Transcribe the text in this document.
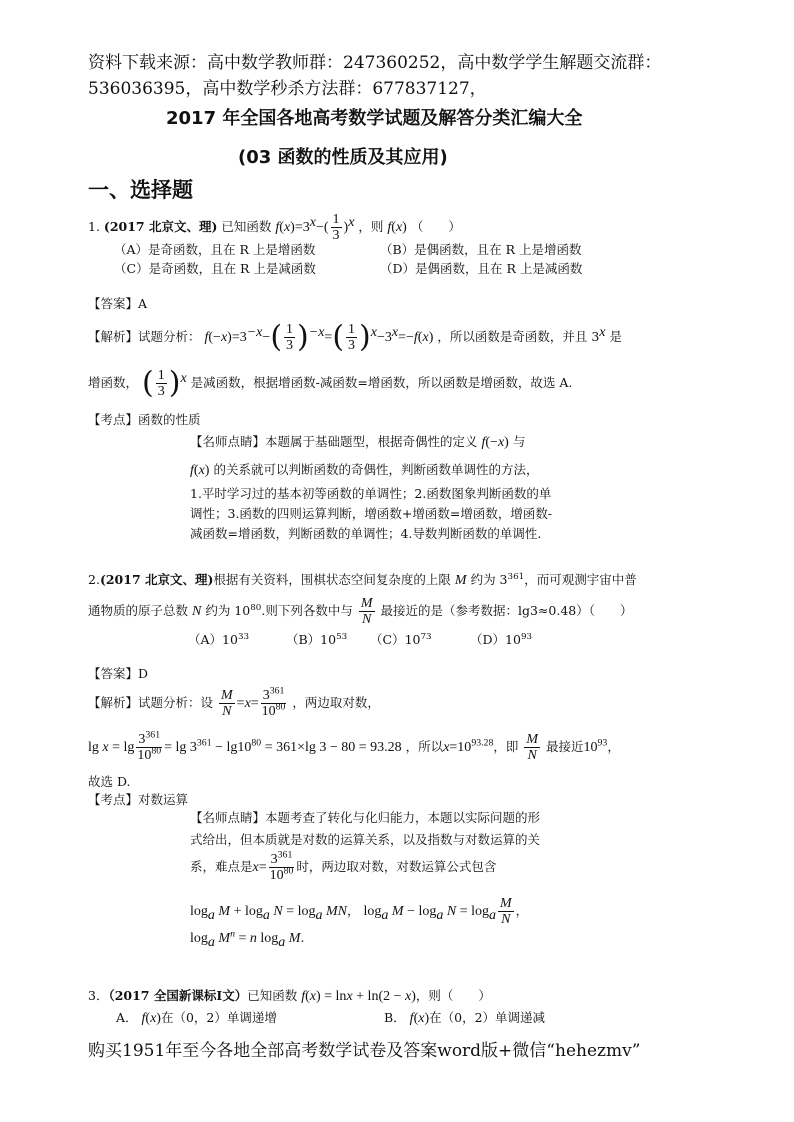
资料下载来源：高中数学教师群：247360252，高中数学学生解题交流群：
536036395，高中数学秒杀方法群：677837127，
2017 年全国各地高考数学试题及解答分类汇编大全
(03 函数的性质及其应用)
一、选择题
1. (2017 北京文、理) 已知函数 $f(x)=3^x-( \frac{1}{3} )^x$ ，则 f(x) （　　）
（A）是奇函数，且在 R 上是增函数	（B）是偶函数，且在 R 上是增函数
（C）是奇函数，且在 R 上是减函数	（D）是偶函数，且在 R 上是减函数
【答案】A
【解析】试题分析： $f(-x)=3^{-x}-( \frac{1}{3} )^{-x}=( \frac{1}{3} )^x-3^x=-f(x)$ ，所以函数是奇函数，并且 3$^x$ 是
增函数， ( $\frac{1}{3} )^x$ 是减函数，根据增函数-减函数=增函数，所以函数是增函数，故选 A.
【考点】函数的性质
【名师点睛】本题属于基础题型，根据奇偶性的定义 f(−x) 与
f(x) 的关系就可以判断函数的奇偶性，判断函数单调性的方法，
1.平时学习过的基本初等函数的单调性；2.函数图象判断函数的单
调性；3.函数的四则运算判断，增函数+增函数=增函数，增函数-
减函数=增函数，判断函数的单调性；4.导数判断函数的单调性.
2.(2017 北京文、理)根据有关资料，围棋状态空间复杂度的上限 M 约为 $3^{361}$，而可观测宇宙中普
通物质的原子总数 N 约为 $10^{80}$.则下列各数中与 $\frac{M}{N}$ 最接近的是（参考数据：lg3≈0.48）（　　）
$(A)10^{33}$	$(B)10^{53}$ $(C)10^{73}$	$(D)10^{93}$
【答案】D
【解析】试题分析：设 $\frac{M}{N} =x= \frac{3^{361}}{10^{80}}$ ，两边取对数，
$\lg x = \lg \frac{3^{361}}{10^{80}} = \lg 3^{361} - \lg 10^{80} = 361\times\lg$ 3 − 80 = 93.28 ，所以$x=10^{93.28}$，即 $\frac{M}{N}$ 最接近$10^{93}$，
故选 D.
【考点】对数运算
【名师点睛】本题考查了转化与化归能力，本题以实际问题的形
式给出，但本质就是对数的运算关系，以及指数与对数运算的关
系，难点是$x= \frac{3^{361}}{10^{80}}$ 时，两边取对数，对数运算公式包含
$\log_a M + \log_a N = \log_a$ MN， $\log_a M - \log_a N = \log_a \frac{M}{N}$ ，
$\log_a M^n = n$ $\log_a M$.
3．（2017 全国新课标Ⅰ文）已知函数 f(x) = lnx + ln(2 − x)，则（　　）
A． f(x)在（0，2）单调递增	B． f(x)在（0，2）单调递减
购买1951年至今各地全部高考数学试卷及答案word版+微信“hehezmv”
